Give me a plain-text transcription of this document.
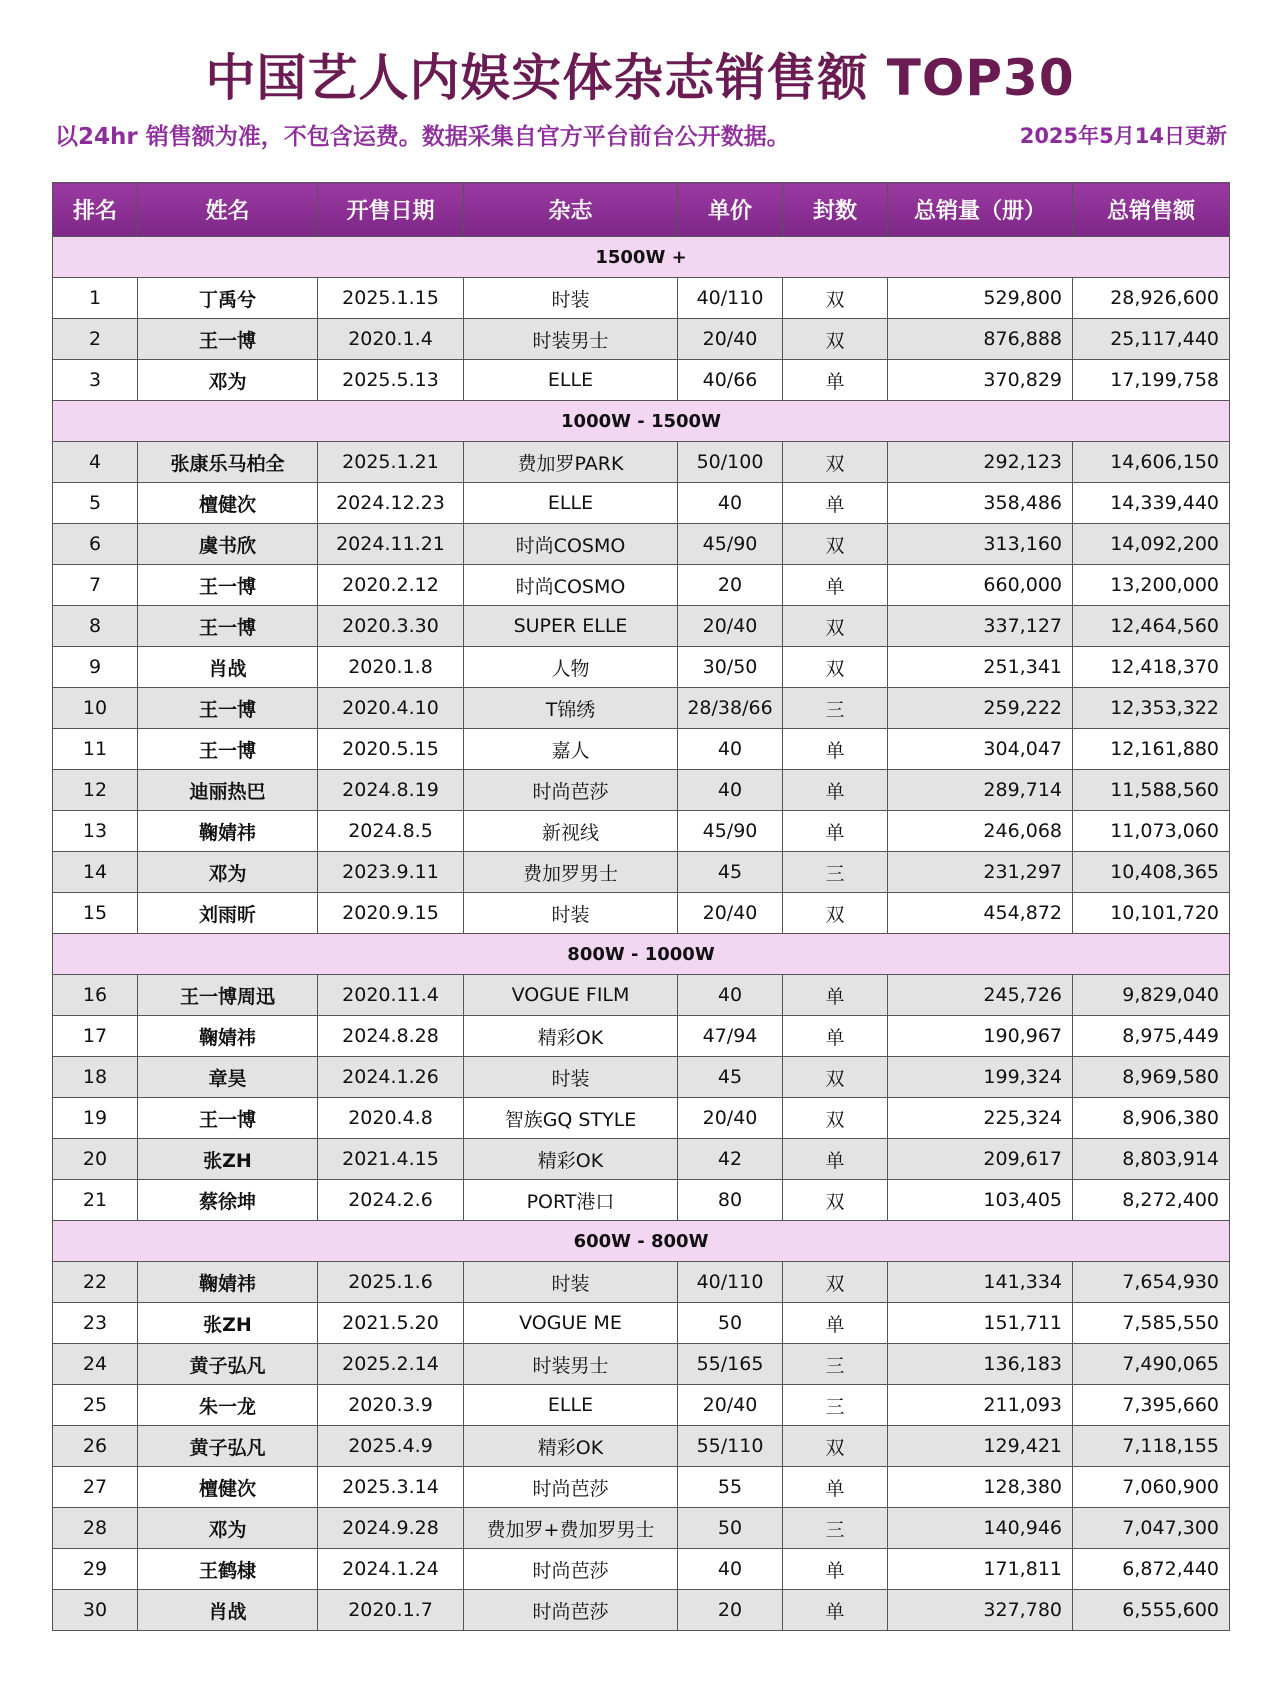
中国艺人内娱实体杂志销售额 TOP30
以24hr 销售额为准，不包含运费。数据采集自官方平台前台公开数据。	2025年5月14日更新
排名	姓名	开售日期	杂志	单价	封数	总销量（册）	总销售额
1500W +							
1	丁禹兮	2025.1.15	时装	40/110	双	529,800	28,926,600
2	王一博	2020.1.4	时装男士	20/40	双	876,888	25,117,440
3	邓为	2025.5.13	ELLE	40/66	单	370,829	17,199,758
1000W - 1500W							
4	张康乐马柏全	2025.1.21	费加罗PARK	50/100	双	292,123	14,606,150
5	檀健次	2024.12.23	ELLE	40	单	358,486	14,339,440
6	虞书欣	2024.11.21	时尚COSMO	45/90	双	313,160	14,092,200
7	王一博	2020.2.12	时尚COSMO	20	单	660,000	13,200,000
8	王一博	2020.3.30	SUPER ELLE	20/40	双	337,127	12,464,560
9	肖战	2020.1.8	人物	30/50	双	251,341	12,418,370
10	王一博	2020.4.10	T锦绣	28/38/66	三	259,222	12,353,322
11	王一博	2020.5.15	嘉人	40	单	304,047	12,161,880
12	迪丽热巴	2024.8.19	时尚芭莎	40	单	289,714	11,588,560
13	鞠婧祎	2024.8.5	新视线	45/90	单	246,068	11,073,060
14	邓为	2023.9.11	费加罗男士	45	三	231,297	10,408,365
15	刘雨昕	2020.9.15	时装	20/40	双	454,872	10,101,720
800W - 1000W							
16	王一博周迅	2020.11.4	VOGUE FILM	40	单	245,726	9,829,040
17	鞠婧祎	2024.8.28	精彩OK	47/94	单	190,967	8,975,449
18	章昊	2024.1.26	时装	45	双	199,324	8,969,580
19	王一博	2020.4.8	智族GQ STYLE	20/40	双	225,324	8,906,380
20	张ZH	2021.4.15	精彩OK	42	单	209,617	8,803,914
21	蔡徐坤	2024.2.6	PORT港口	80	双	103,405	8,272,400
600W - 800W							
22	鞠婧祎	2025.1.6	时装	40/110	双	141,334	7,654,930
23	张ZH	2021.5.20	VOGUE ME	50	单	151,711	7,585,550
24	黄子弘凡	2025.2.14	时装男士	55/165	三	136,183	7,490,065
25	朱一龙	2020.3.9	ELLE	20/40	三	211,093	7,395,660
26	黄子弘凡	2025.4.9	精彩OK	55/110	双	129,421	7,118,155
27	檀健次	2025.3.14	时尚芭莎	55	单	128,380	7,060,900
28	邓为	2024.9.28	费加罗+费加罗男士	50	三	140,946	7,047,300
29	王鹤棣	2024.1.24	时尚芭莎	40	单	171,811	6,872,440
30	肖战	2020.1.7	时尚芭莎	20	单	327,780	6,555,600
